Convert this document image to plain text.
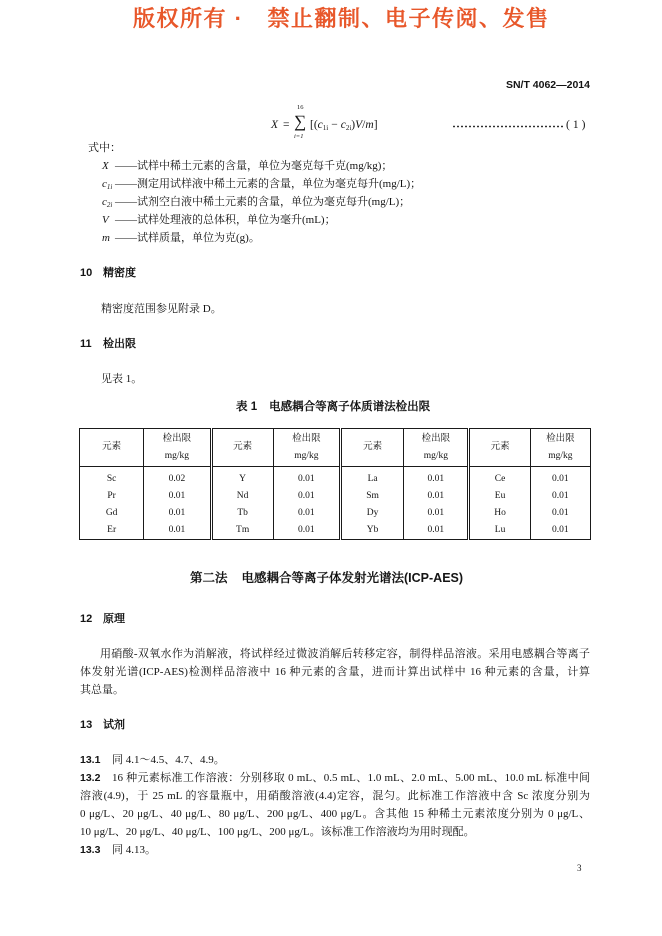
版权所有 · 禁止翻制、电子传阅、发售
SN/T 4062—2014
X = ∑
16
i=1
$[(c_{1i} - c_{2i})V/m]$	(1)
式中：
X ——试样中稀土元素的含量，单位为毫克每千克(mg/kg)；
$c_{1i}$ ——测定用试样液中稀土元素的含量，单位为毫克每升(mg/L)；
$c_{2i}$ ——试剂空白液中稀土元素的含量，单位为毫克每升(mg/L)；
V ——试样处理液的总体积，单位为毫升(mL)；
m ——试样质量，单位为克(g)。
10 精密度
精密度范围参见附录 D。
11 检出限
见表 1。
表 1 电感耦合等离子体质谱法检出限
元素	检出限
mg/kg	元素	检出限
mg/kg	元素	检出限
mg/kg	元素	检出限
mg/kg

Sc	0.02	Y	0.01	La	0.01	Ce	0.01
Pr	0.01	Nd	0.01	Sm	0.01	Eu	0.01
Gd	0.01	Tb	0.01	Dy	0.01	Ho	0.01
Er	0.01	Tm	0.01	Yb	0.01	Lu	0.01
第二法 电感耦合等离子体发射光谱法(ICP-AES)
12 原理
用硝酸-双氧水作为消解液，将试样经过微波消解后转移定容，制得样品溶液。采用电感耦合等离子
体发射光谱(ICP-AES)检测样品溶液中 16 种元素的含量，进而计算出试样中 16 种元素的含量，计算
其总量。
13 试剂
13.1 同 4.1～4.5、4.7、4.9。
13.2 16 种元素标准工作溶液：分别移取 0 mL、0.5 mL、1.0 mL、2.0 mL、5.00 mL、10.0 mL 标准中间
溶液(4.9)，于 25 mL 的容量瓶中，用硝酸溶液(4.4)定容，混匀。此标准工作溶液中含 Sc 浓度分别为
0 μg/L、20 μg/L、40 μg/L、80 μg/L、200 μg/L、400 μg/L。含其他 15 种稀土元素浓度分别为 0 μg/L、
10 μg/L、20 μg/L、40 μg/L、100 μg/L、200 μg/L。该标准工作溶液均为用时现配。
13.3 同 4.13。
3
